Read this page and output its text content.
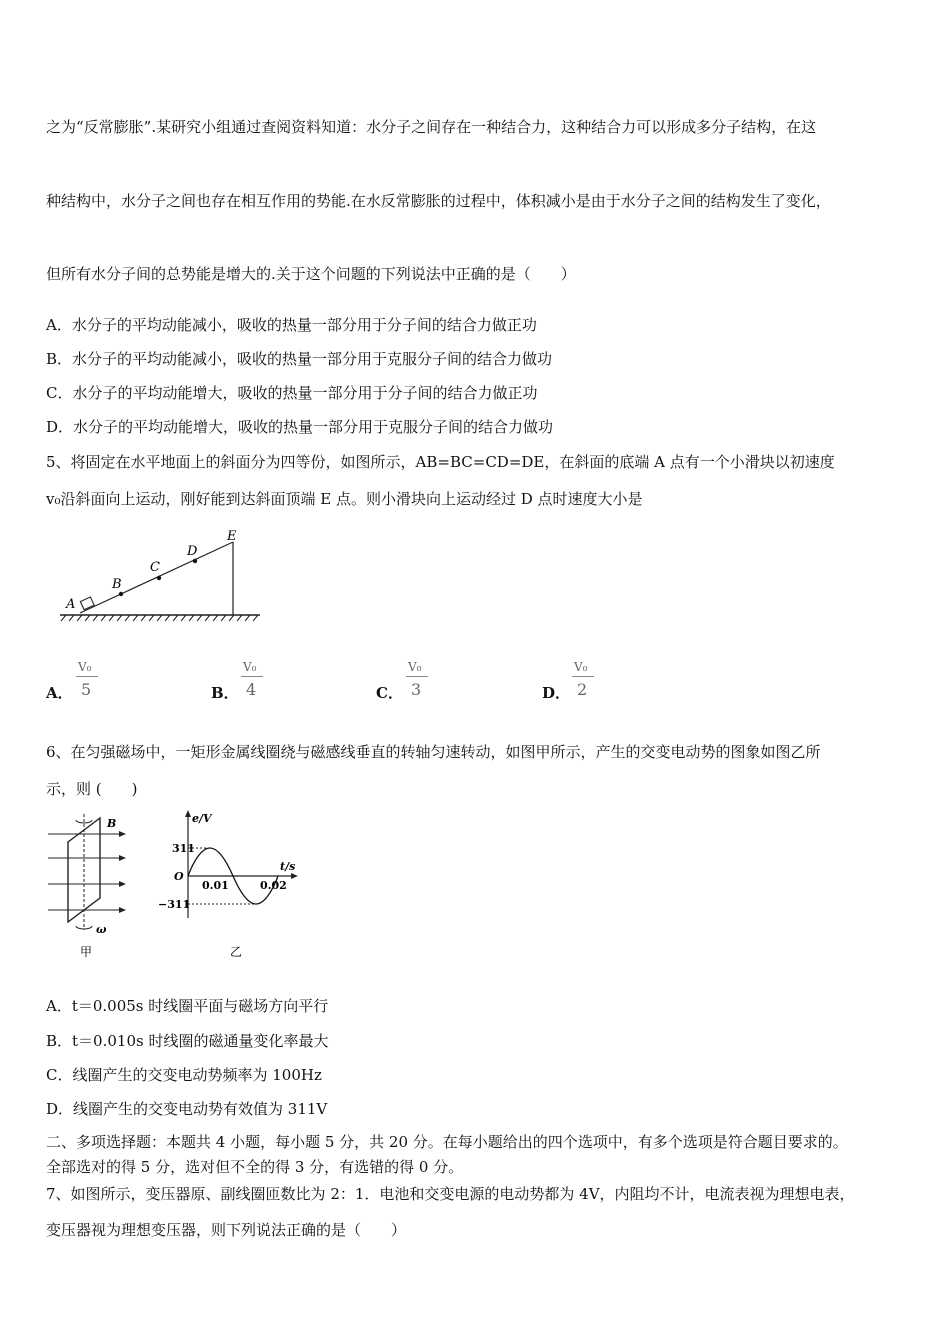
之为“反常膨胀”.某研究小组通过查阅资料知道：水分子之间存在一种结合力，这种结合力可以形成多分子结构，在这
种结构中，水分子之间也存在相互作用的势能.在水反常膨胀的过程中，体积减小是由于水分子之间的结构发生了变化，
但所有水分子间的总势能是增大的.关于这个问题的下列说法中正确的是（　　）
A．水分子的平均动能减小，吸收的热量一部分用于分子间的结合力做正功
B．水分子的平均动能减小，吸收的热量一部分用于克服分子间的结合力做功
C．水分子的平均动能增大，吸收的热量一部分用于分子间的结合力做正功
D．水分子的平均动能增大，吸收的热量一部分用于克服分子间的结合力做功
5、将固定在水平地面上的斜面分为四等份，如图所示，AB=BC=CD=DE，在斜面的底端 A 点有一个小滑块以初速度
v₀沿斜面向上运动，刚好能到达斜面顶端 E 点。则小滑块向上运动经过 D 点时速度大小是
A
B
C
D
E
A．
V₀
5	B．
V₀
4	C．
V₀
3	D．
V₀
2
6、在匀强磁场中，一矩形金属线圈绕与磁感线垂直的转轴匀速转动，如图甲所示，产生的交变电动势的图象如图乙所
示，则 (　　)
B
ω
甲
311
−311
O
0.01	0.02
e/V
t/s
乙
A．t＝0.005s 时线圈平面与磁场方向平行
B．t＝0.010s 时线圈的磁通量变化率最大
C．线圈产生的交变电动势频率为 100Hz
D．线圈产生的交变电动势有效值为 311V
二、多项选择题：本题共 4 小题，每小题 5 分，共 20 分。在每小题给出的四个选项中，有多个选项是符合题目要求的。
全部选对的得 5 分，选对但不全的得 3 分，有选错的得 0 分。
7、如图所示，变压器原、副线圈匝数比为 2：1．电池和交变电源的电动势都为 4V，内阻均不计，电流表视为理想电表，
变压器视为理想变压器，则下列说法正确的是（　　）
